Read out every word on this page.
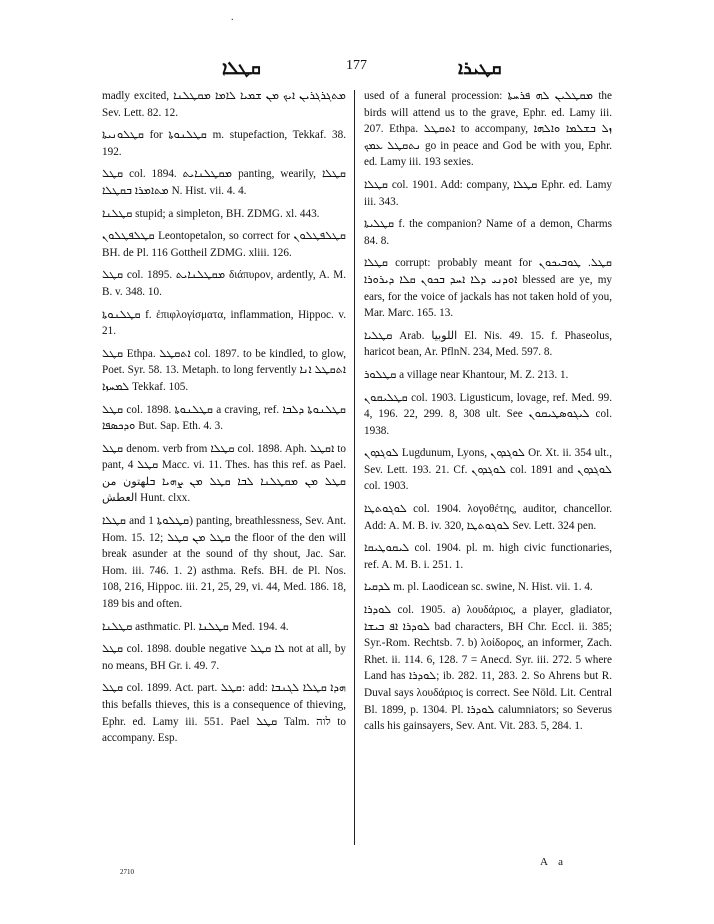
.
ܩܛܠܐ	177	ܩܛܝܪܐ

madly excited, ܡܬܓܪܓܪܝܢ ܐܝܟ ܡܢ ܫܡܝܐ ܠܐܡܐ ܡܩܛܠܢܐ Sev. Lett. 82. 12.

ܩܛܠܘܢܝܬܐ for ܩܛܠܢܘܬܐ m. stupefaction, Tekkaf. 38. 192.

ܩܛܠ col. 1894. ܡܩܛܠܢܐܝܬ panting, wearily, ܩܛܠܐ ܡܬܐܡܪܐ ܒܩܛܠܐ N. Hist. vii. 4. 4.

ܩܛܠܢܐ stupid; a simpleton, BH. ZDMG. xl. 443.

ܩܛܠܦܛܠܘܢ Leontopetalon, so correct for ܩܛܠܦܛܠܘܢ BH. de Pl. 116 Gottheil ZDMG. xliii. 126.

ܩܛܠ col. 1895. ܡܩܛܠܢܐܝܬ διάπυρον, ardently, A. M. B. v. 348. 10.

ܩܛܠܢܘܬܐ f. ἐπιφλογίσματα, inflammation, Hippoc. v. 21.

ܩܛܠ Ethpa. ܐܬܩܛܠ col. 1897. to be kindled, to glow, Poet. Syr. 58. 13. Metaph. to long fervently ܐܬܩܛܠ ܐܢܐ ܠܡܚܙܐ Tekkaf. 105.

ܩܛܠ col. 1898. ܩܛܠܢܘܬܐ a craving, ref. ܩܛܠܢܘܬܐ ܕܠܒܐ ܘܕܟܣܦܐ But. Sap. Eth. 4. 3.

ܩܛܠ denom. verb from ܩܛܠܐ col. 1898. Aph. ܐܩܛܠ to pant, ܩܛܠ 4 Macc. vi. 11. Thes. has this ref. as Pael. ܩܛܠ ܡܢ ܡܩܛܠܢܐ ܠܒܐ ܩܛܠ ܡܢ ܨܗܝܐ ܒلهتون من العطش Hunt. clxx.

ܩܛܠܐ and ܩܛܠܘܬܐ 1) panting, breathlessness, Sev. Ant. Hom. 15. 12; ܩܛܠ ܡܢ ܩܛܠ the floor of the den will break asunder at the sound of thy shout, Jac. Sar. Hom. iii. 746. 1. 2) asthma. Refs. BH. de Pl. Nos. 108, 216, Hippoc. iii. 21, 25, 29, vi. 44, Med. 186. 18, 189 bis and often.

ܩܛܠܢܐ asthmatic. Pl. ܩܛܠܢܐ Med. 194. 4.

ܩܛܠ col. 1898. double negative ܠܐ ܩܛܠ not at all, by no means, BH Gr. i. 49. 7.

ܩܛܠ col. 1899. Act. part. ܩܛܠ: add: ܗܕܐ ܩܛܠܐ ܠܓܢܒܐ this befalls thieves, this is a consequence of thieving, Ephr. ed. Lamy iii. 551. Pael ܩܛܠ Talm. לוה to accompany. Esp.

used of a funeral procession: ܡܩܛܠܝܢ ܠܗ ܦܪܚܬܐ the birds will attend us to the grave, Ephr. ed. Lamy iii. 207. Ethpa. ܐܬܩܛܠ to accompany, ܙܠ ܒܫܠܡܐ ܘܐܠܗܐ ܢܬܩܛܠ ܥܡܟ go in peace and God be with you, Ephr. ed. Lamy iii. 193 sexies.

ܩܛܠܐ col. 1901. Add: company, ܩܛܠܐ Ephr. ed. Lamy iii. 343.

ܩܛܠܝܬܐ f. the companion? Name of a demon, Charms 84. 8.

ܩܛܠܐ corrupt: probably meant for ܩܛܠ. ܛܘܒܝܟܘܢ ܐܘܕܢܝ ܕܠܐ ܐܚܕ ܒܟܘܢ ܩܠܐ ܕܝܪܘܪܐ blessed are ye, my ears, for the voice of jackals has not taken hold of you, Mar. Marc. 165. 13.

ܩܛܠܝܐ Arab. اللوبيا El. Nis. 49. 15. f. Phaseolus, haricot bean, Ar. PflnN. 234, Med. 597. 8.

ܩܛܠܘܪ a village near Khantour, M. Z. 213. 1.

ܩܛܠܝܩܘܢ col. 1903. Ligusticum, lovage, ref. Med. 99. 4, 196. 22, 299. 8, 308 ult. See ܠܝܓܘܣܛܝܩܘܢ col. 1938.

ܠܘܓܕܘܢ Lugdunum, Lyons, ܠܘܓܕܘܢ Or. Xt. ii. 354 ult., Sev. Lett. 193. 21. Cf. ܠܘܓܕܘܢ col. 1891 and ܠܘܓܕܘܢ col. 1903.

ܠܘܓܘܬܛܐ col. 1904. λογοθέτης, auditor, chancellor. Add: A. M. B. iv. 320, ܠܘܓܘܬܛܐ Sev. Lett. 324 pen.

ܠܝܩܘܛܝܩܐ col. 1904. pl. m. high civic functionaries, ref. A. M. B. i. 251. 1.

ܠܕܩܝܐ m. pl. Laodicean sc. swine, N. Hist. vii. 1. 4.

ܠܘܕܪܐ col. 1905. a) λουδάριος, a player, gladiator, ܠܘܕܪܐ ܐܦ ܒܝܫܐ bad characters, BH Chr. Eccl. ii. 385; Syr.-Rom. Rechtsb. 7. b) λοίδορος, an informer, Zach. Rhet. ii. 114. 6, 128. 7 = Anecd. Syr. iii. 272. 5 where Land has ܠܘܕܪܐ; ib. 282. 11, 283. 2. So Ahrens but R. Duval says λουδάριος is correct. See Nöld. Lit. Central Bl. 1899, p. 1304. Pl. ܠܘܕܪܐ calumniators; so Severus calls his gainsayers, Sev. Ant. Vit. 283. 5, 284. 1.

2710
A a
